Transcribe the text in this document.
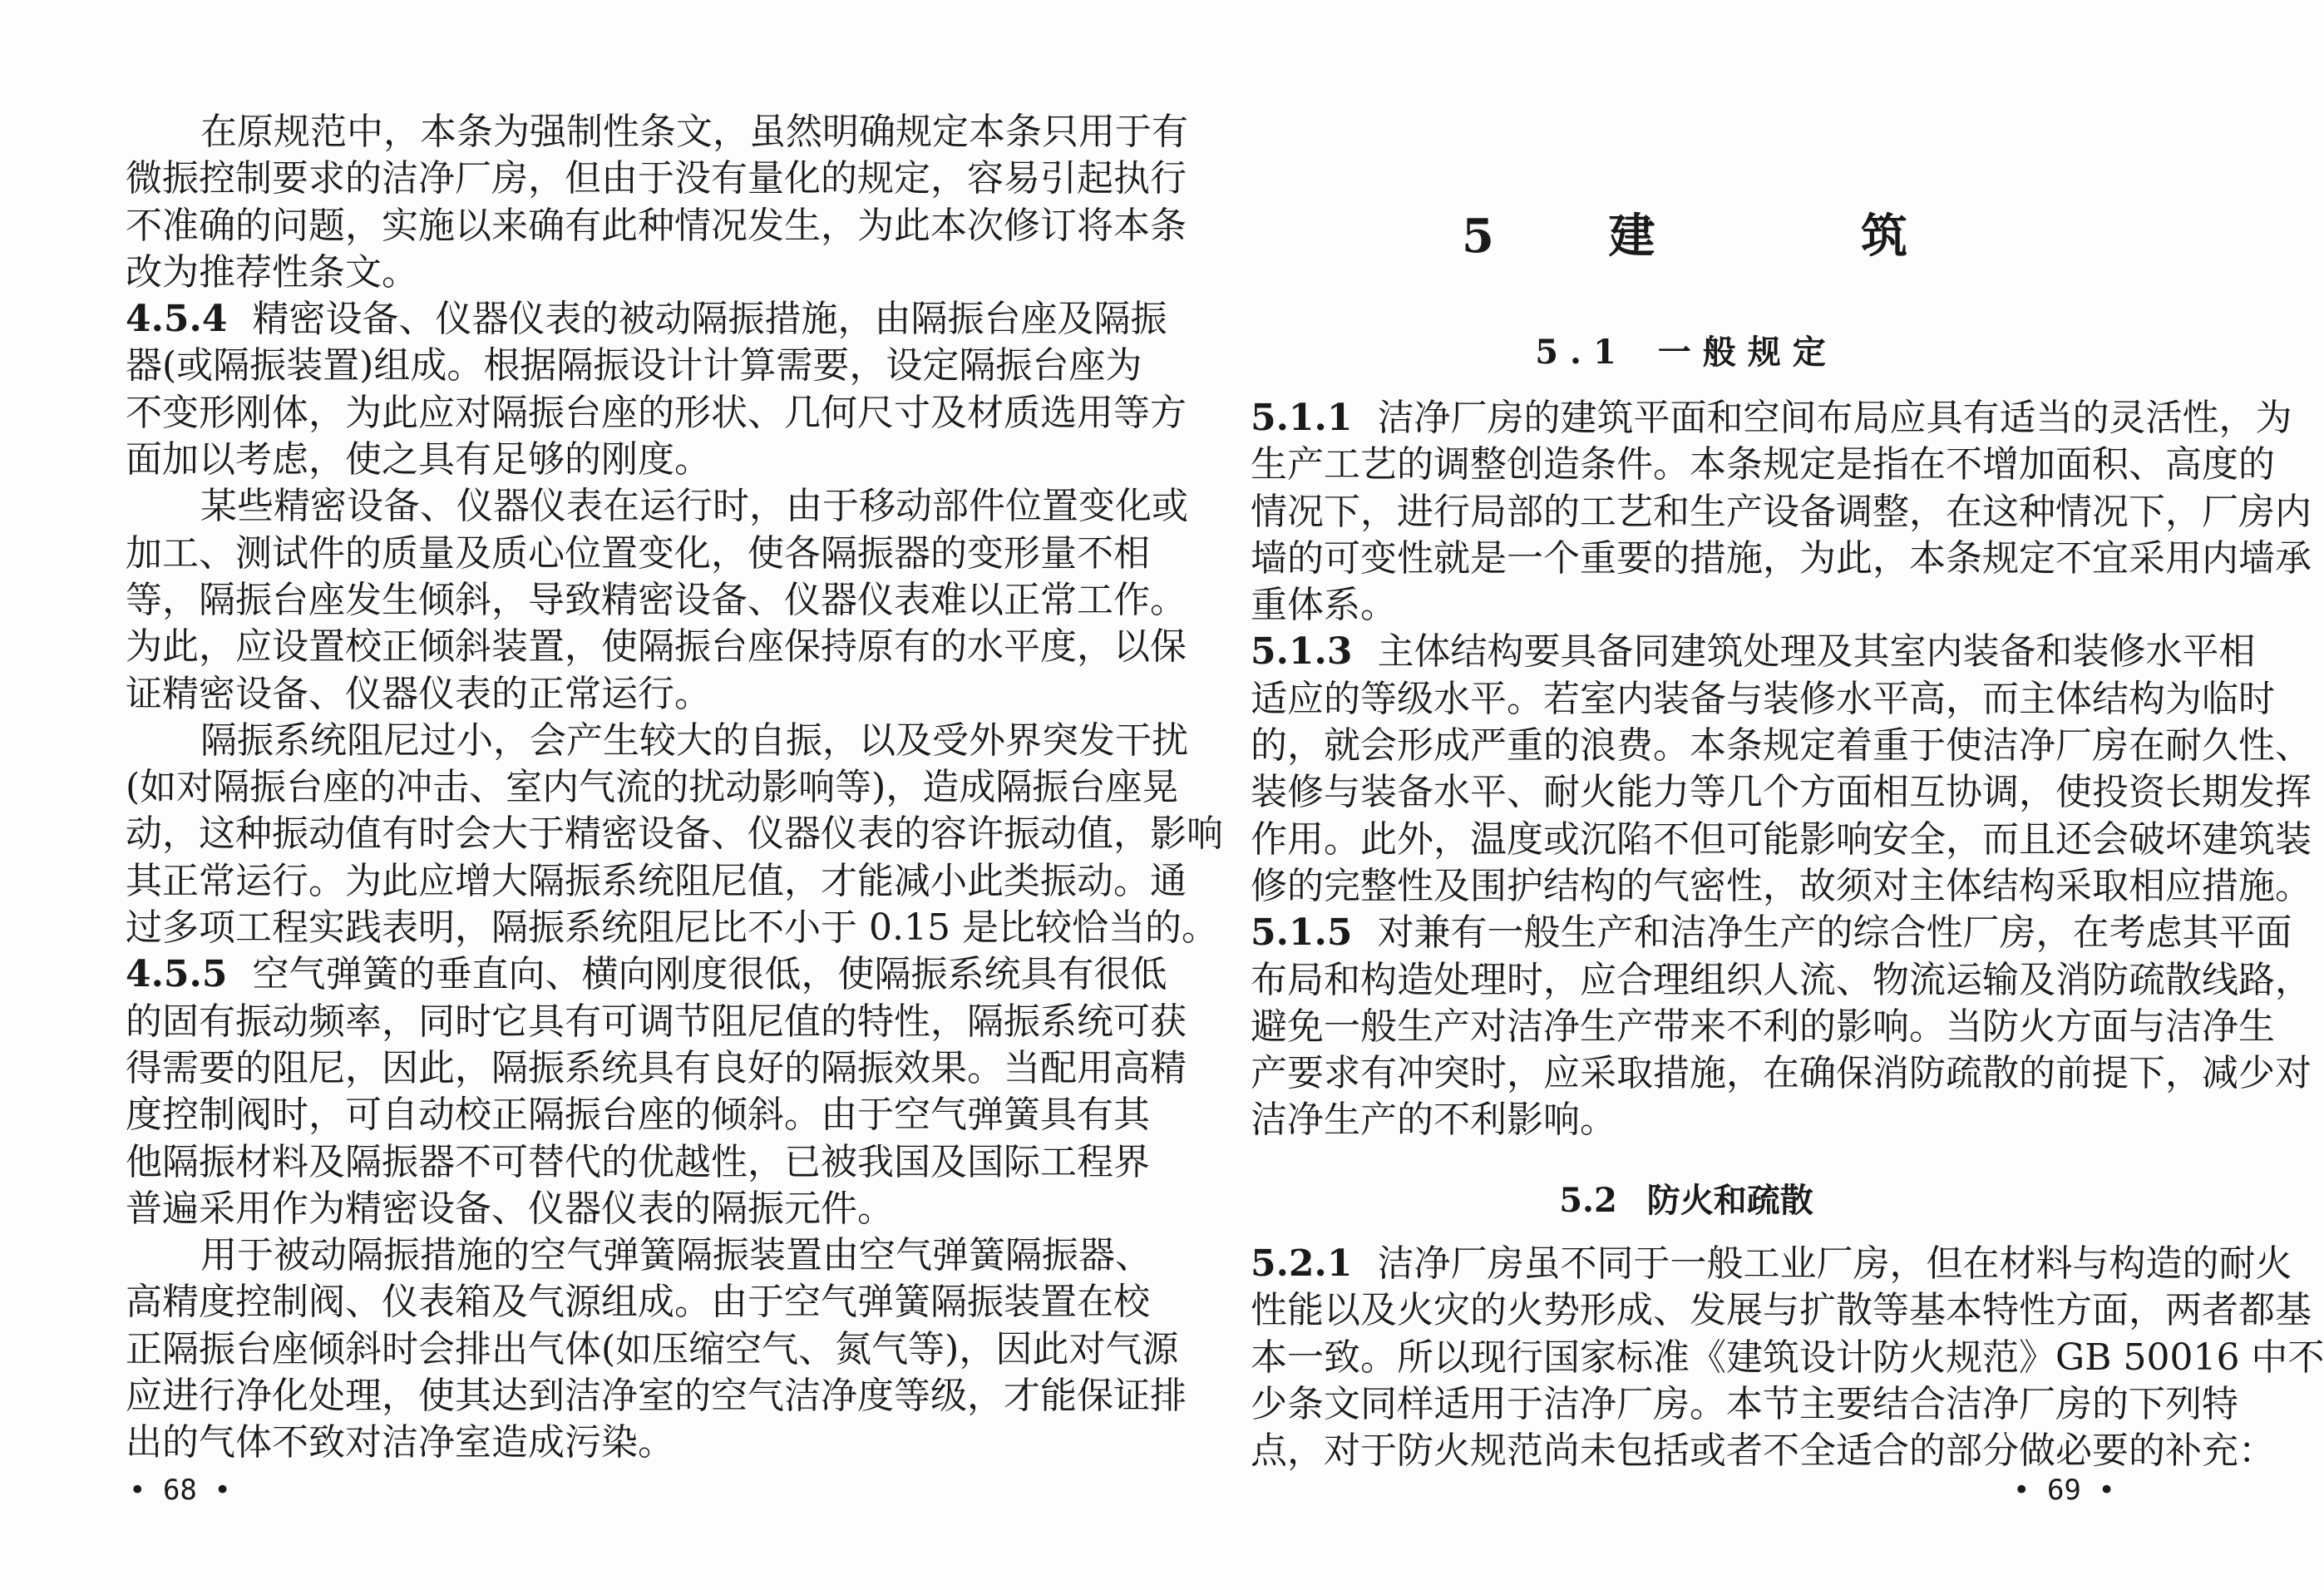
在原规范中，本条为强制性条文，虽然明确规定本条只用于有
微振控制要求的洁净厂房，但由于没有量化的规定，容易引起执行
不准确的问题，实施以来确有此种情况发生，为此本次修订将本条
改为推荐性条文。
4.5.4 精密设备、仪器仪表的被动隔振措施，由隔振台座及隔振
器(或隔振装置)组成。根据隔振设计计算需要，设定隔振台座为
不变形刚体，为此应对隔振台座的形状、几何尺寸及材质选用等方
面加以考虑，使之具有足够的刚度。
某些精密设备、仪器仪表在运行时，由于移动部件位置变化或
加工、测试件的质量及质心位置变化，使各隔振器的变形量不相
等，隔振台座发生倾斜，导致精密设备、仪器仪表难以正常工作。
为此，应设置校正倾斜装置，使隔振台座保持原有的水平度，以保
证精密设备、仪器仪表的正常运行。
隔振系统阻尼过小，会产生较大的自振，以及受外界突发干扰
(如对隔振台座的冲击、室内气流的扰动影响等)，造成隔振台座晃
动，这种振动值有时会大于精密设备、仪器仪表的容许振动值，影响
其正常运行。为此应增大隔振系统阻尼值，才能减小此类振动。通
过多项工程实践表明，隔振系统阻尼比不小于 0.15 是比较恰当的。
4.5.5 空气弹簧的垂直向、横向刚度很低，使隔振系统具有很低
的固有振动频率，同时它具有可调节阻尼值的特性，隔振系统可获
得需要的阻尼，因此，隔振系统具有良好的隔振效果。当配用高精
度控制阀时，可自动校正隔振台座的倾斜。由于空气弹簧具有其
他隔振材料及隔振器不可替代的优越性，已被我国及国际工程界
普遍采用作为精密设备、仪器仪表的隔振元件。
用于被动隔振措施的空气弹簧隔振装置由空气弹簧隔振器、
高精度控制阀、仪表箱及气源组成。由于空气弹簧隔振装置在校
正隔振台座倾斜时会排出气体(如压缩空气、氮气等)，因此对气源
应进行净化处理，使其达到洁净室的空气洁净度等级，才能保证排
出的气体不致对洁净室造成污染。
• 68 •
5 建	筑
5.1 一般规定
5.1.1 洁净厂房的建筑平面和空间布局应具有适当的灵活性，为
生产工艺的调整创造条件。本条规定是指在不增加面积、高度的
情况下，进行局部的工艺和生产设备调整，在这种情况下，厂房内
墙的可变性就是一个重要的措施，为此，本条规定不宜采用内墙承
重体系。
5.1.3 主体结构要具备同建筑处理及其室内装备和装修水平相
适应的等级水平。若室内装备与装修水平高，而主体结构为临时
的，就会形成严重的浪费。本条规定着重于使洁净厂房在耐久性、
装修与装备水平、耐火能力等几个方面相互协调，使投资长期发挥
作用。此外，温度或沉陷不但可能影响安全，而且还会破坏建筑装
修的完整性及围护结构的气密性，故须对主体结构采取相应措施。
5.1.5 对兼有一般生产和洁净生产的综合性厂房，在考虑其平面
布局和构造处理时，应合理组织人流、物流运输及消防疏散线路，
避免一般生产对洁净生产带来不利的影响。当防火方面与洁净生
产要求有冲突时，应采取措施，在确保消防疏散的前提下，减少对
洁净生产的不利影响。
5.2 防火和疏散
5.2.1 洁净厂房虽不同于一般工业厂房，但在材料与构造的耐火
性能以及火灾的火势形成、发展与扩散等基本特性方面，两者都基
本一致。所以现行国家标准《建筑设计防火规范》GB 50016 中不
少条文同样适用于洁净厂房。本节主要结合洁净厂房的下列特
点，对于防火规范尚未包括或者不全适合的部分做必要的补充：
• 69 •
